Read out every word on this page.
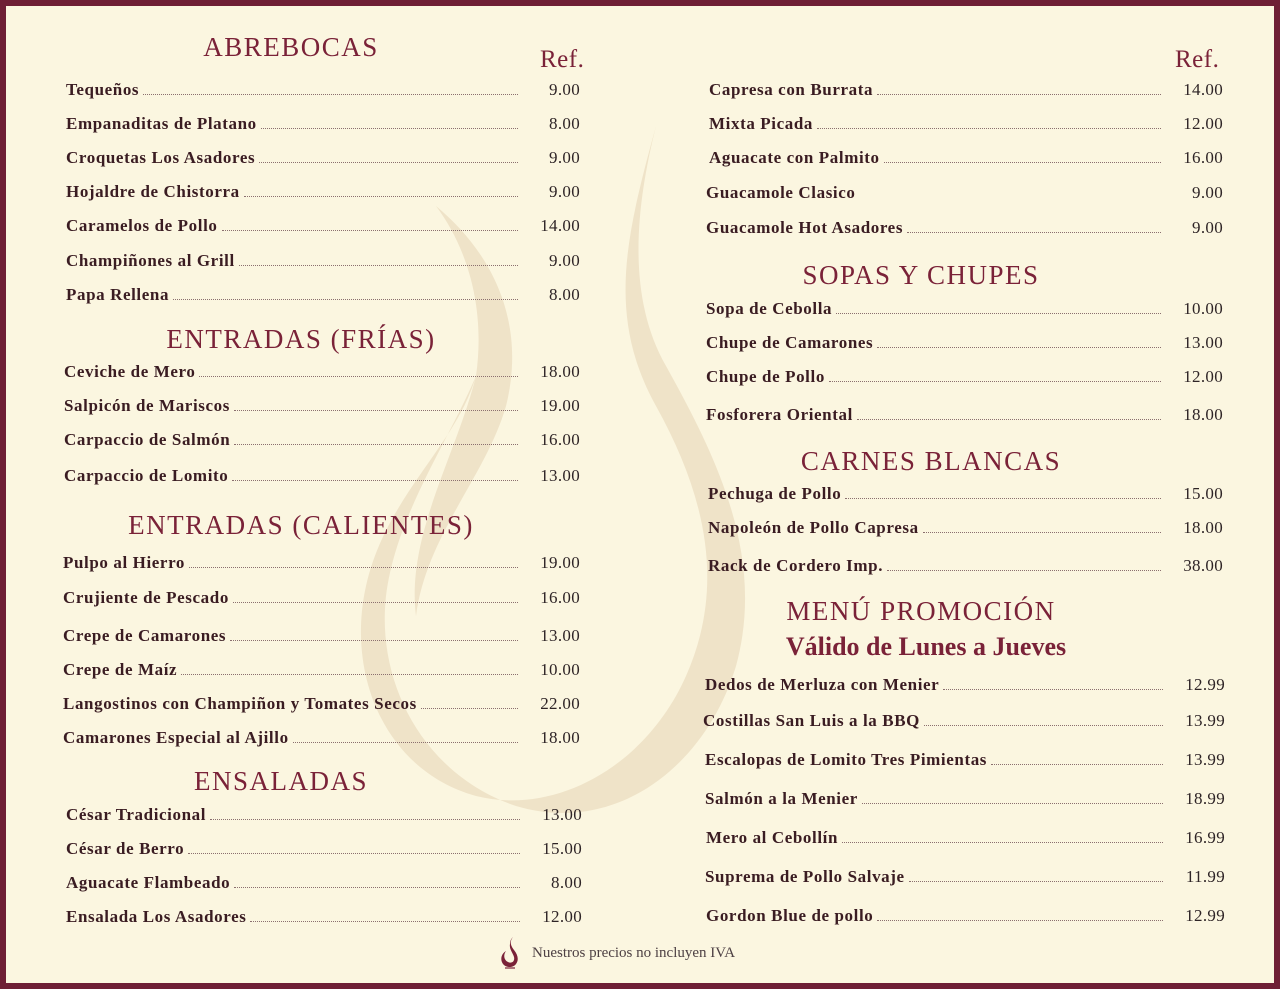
Ref.
ABREBOCAS
Tequeños	9.00
Empanaditas de Platano	8.00
Croquetas Los Asadores	9.00
Hojaldre de Chistorra	9.00
Caramelos de Pollo	14.00
Champiñones al Grill	9.00
Papa Rellena	8.00
ENTRADAS (FRÍAS)
Ceviche de Mero	18.00
Salpicón de Mariscos	19.00
Carpaccio de Salmón	16.00
Carpaccio de Lomito	13.00
ENTRADAS (CALIENTES)
Pulpo al Hierro	19.00
Crujiente de Pescado	16.00
Crepe de Camarones	13.00
Crepe de Maíz	10.00
Langostinos con Champiñon y Tomates Secos	22.00
Camarones Especial al Ajillo	18.00
ENSALADAS
César Tradicional	13.00
César de Berro	15.00
Aguacate Flambeado	8.00
Ensalada Los Asadores	12.00
Ref.
Capresa con Burrata	14.00
Mixta Picada	12.00
Aguacate con Palmito	16.00
Guacamole Clasico	9.00
Guacamole Hot Asadores	9.00
SOPAS Y CHUPES
Sopa de Cebolla	10.00
Chupe de Camarones	13.00
Chupe de Pollo	12.00
Fosforera Oriental	18.00
CARNES BLANCAS
Pechuga de Pollo	15.00
Napoleón de Pollo Capresa	18.00
Rack de Cordero Imp.	38.00
MENÚ PROMOCIÓN
Válido de Lunes a Jueves
Dedos de Merluza con Menier	12.99
Costillas San Luis a la BBQ	13.99
Escalopas de Lomito Tres Pimientas	13.99
Salmón a la Menier	18.99
Mero al Cebollín	16.99
Suprema de Pollo Salvaje	11.99
Gordon Blue de pollo	12.99
Nuestros precios no incluyen IVA
